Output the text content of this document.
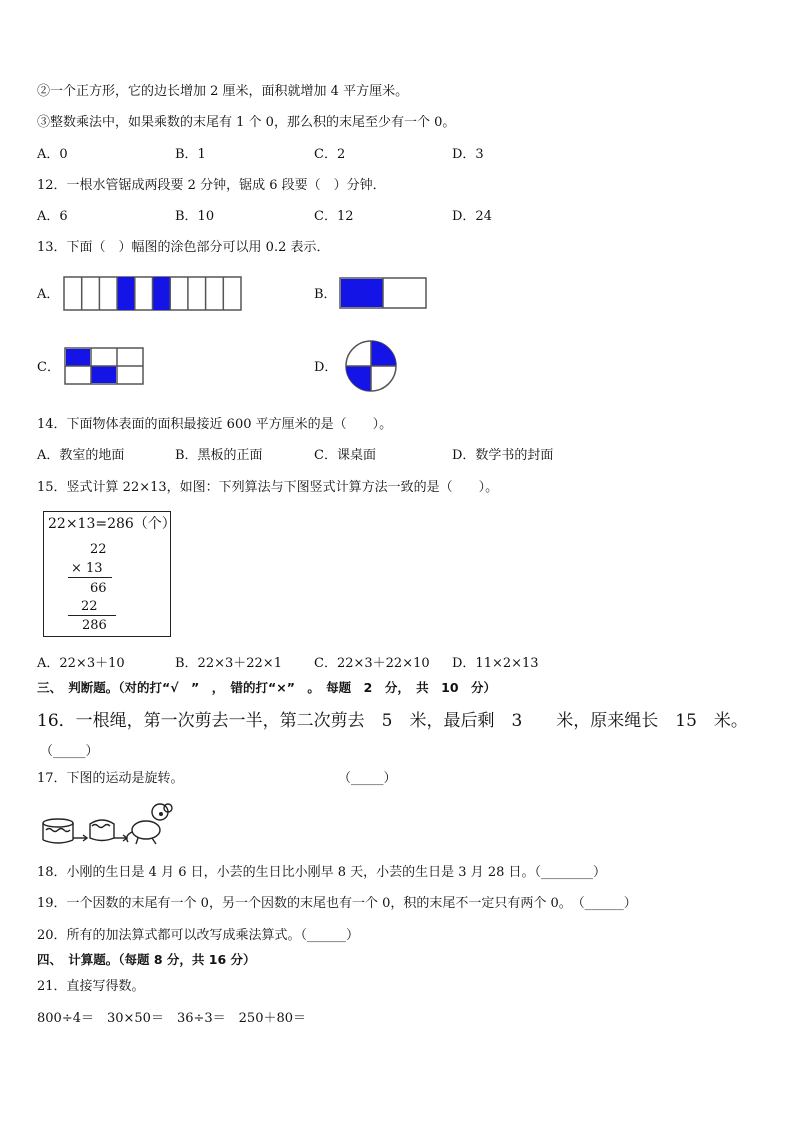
②一个正方形，它的边长增加 2 厘米，面积就增加 4 平方厘米。
③整数乘法中，如果乘数的末尾有 1 个 0，那么积的末尾至少有一个 0。
A．0	B．1	C．2	D．3
12．一根水管锯成两段要 2 分钟，锯成 6 段要（　）分钟．
A．6	B．10	C．12	D．24
13．下面（　）幅图的涂色部分可以用 0.2 表示．
A．	B．
C．	D．
14．下面物体表面的面积最接近 600 平方厘米的是（　　）。
A．教室的地面	B．黑板的正面	C．课桌面	D．数学书的封面
15．竖式计算 22×13，如图：下列算法与下图竖式计算方法一致的是（　　）。
22×13=286（个）
22
× 13
66
22
286
A．22×3＋10	B．22×3＋22×1 C．22×3＋22×10 D．11×2×13
三、　判断题。（对的打“√　”　，　错的打“×”　。　每题　2　分，　共　10　分）
16．一根绳，第一次剪去一半，第二次剪去　5　米，最后剩　3　　米，原来绳长　15　米。
（_____）
17．下图的运动是旋转。	（_____）
18．小刚的生日是 4 月 6 日，小芸的生日比小刚早 8 天，小芸的生日是 3 月 28 日。（________）
19．一个因数的末尾有一个 0，另一个因数的末尾也有一个 0，积的末尾不一定只有两个 0。　（______）
20．所有的加法算式都可以改写成乘法算式。（______）
四、　计算题。（每题 8 分，共 16 分）
21．直接写得数。
800÷4＝　30×50＝　36÷3＝　250＋80＝
